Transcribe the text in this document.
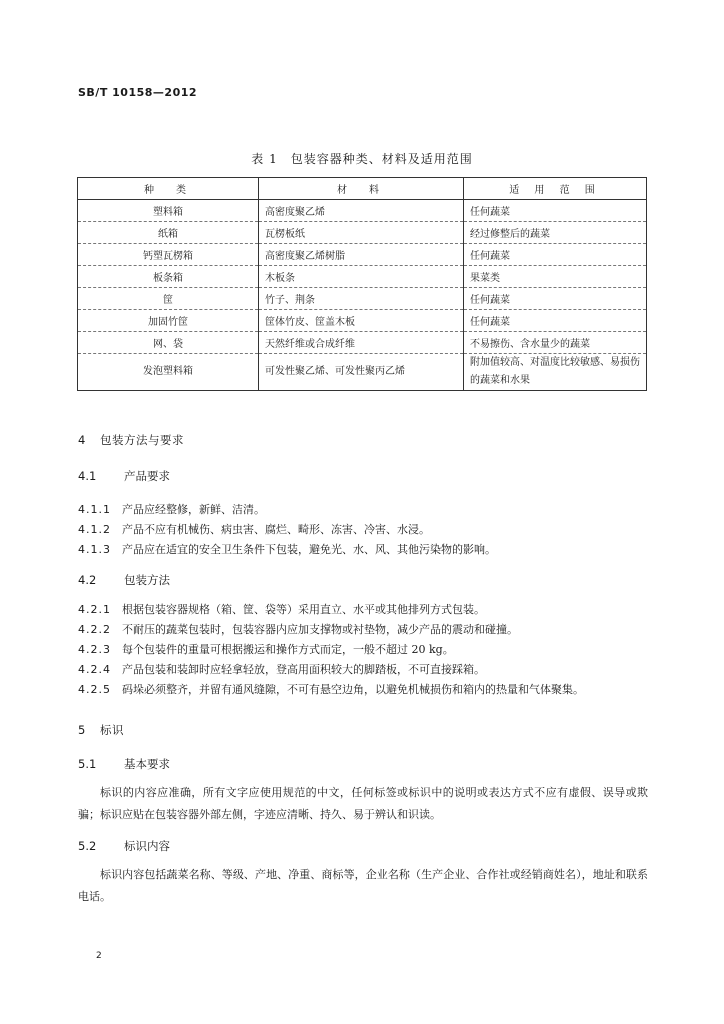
SB/T 10158—2012
表 1　包装容器种类、材料及适用范围
种　类	材　料	适 用 范 围
塑料箱	高密度聚乙烯	任何蔬菜
纸箱	瓦楞板纸	经过修整后的蔬菜
钙塑瓦楞箱	高密度聚乙烯树脂	任何蔬菜
板条箱	木板条	果菜类
筐	竹子、荆条	任何蔬菜
加固竹筐	筐体竹皮、筐盖木板	任何蔬菜
网、袋	天然纤维或合成纤维	不易擦伤、含水量少的蔬菜
发泡塑料箱	可发性聚乙烯、可发性聚丙乙烯	附加值较高、对温度比较敏感、易损伤的蔬菜和水果
4 包装方法与要求
4.1 产品要求
4.1.1 产品应经整修，新鲜、洁清。
4.1.2 产品不应有机械伤、病虫害、腐烂、畸形、冻害、冷害、水浸。
4.1.3 产品应在适宜的安全卫生条件下包装，避免光、水、风、其他污染物的影响。
4.2 包装方法
4.2.1 根据包装容器规格（箱、筐、袋等）采用直立、水平或其他排列方式包装。
4.2.2 不耐压的蔬菜包装时，包装容器内应加支撑物或衬垫物，减少产品的震动和碰撞。
4.2.3 每个包装件的重量可根据搬运和操作方式而定，一般不超过 20 kg。
4.2.4 产品包装和装卸时应轻拿轻放，登高用面积较大的脚踏板，不可直接踩箱。
4.2.5 码垛必须整齐，并留有通风缝隙，不可有悬空边角，以避免机械损伤和箱内的热量和气体聚集。
5 标识
5.1 基本要求
标识的内容应准确，所有文字应使用规范的中文，任何标签或标识中的说明或表达方式不应有虚假、误导或欺骗；标识应贴在包装容器外部左侧，字迹应清晰、持久、易于辨认和识读。
5.2 标识内容
标识内容包括蔬菜名称、等级、产地、净重、商标等，企业名称（生产企业、合作社或经销商姓名），地址和联系电话。
2
